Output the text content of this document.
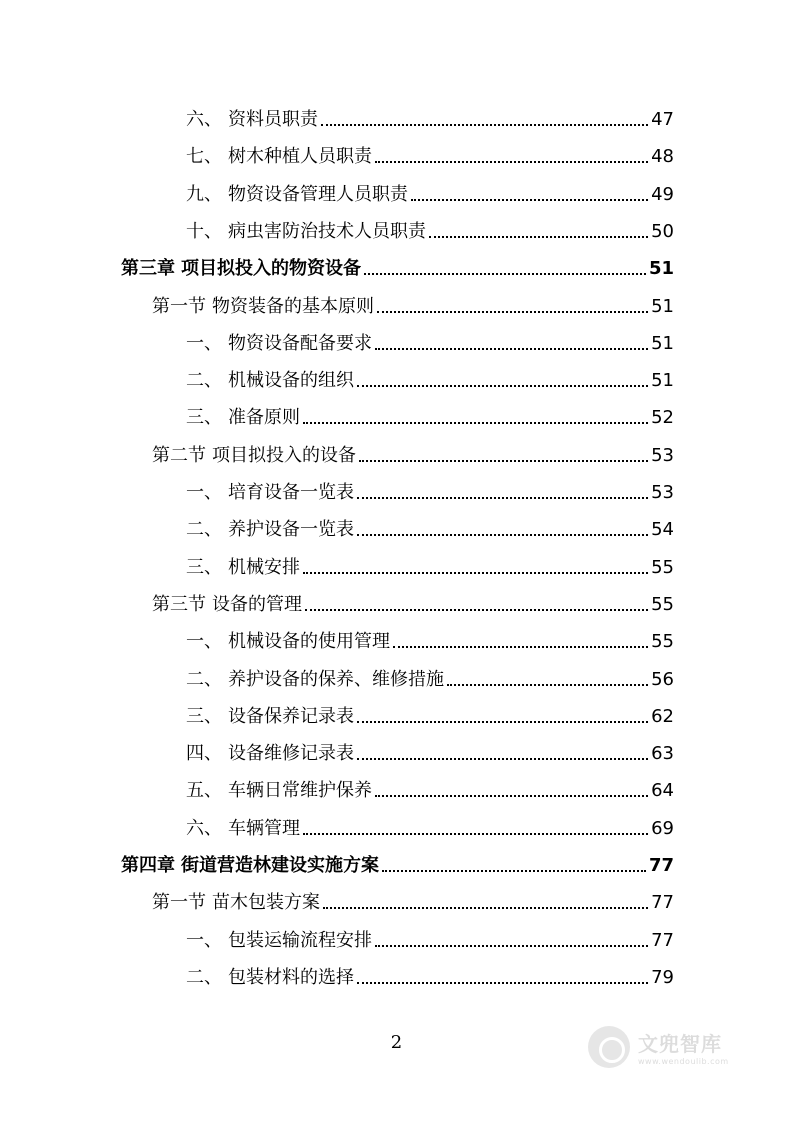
六、 资料员职责	47
七、 树木种植人员职责	48
九、 物资设备管理人员职责	49
十、 病虫害防治技术人员职责	50
第三章 项目拟投入的物资设备	51
第一节 物资装备的基本原则	51
一、 物资设备配备要求	51
二、 机械设备的组织	51
三、 准备原则	52
第二节 项目拟投入的设备	53
一、 培育设备一览表	53
二、 养护设备一览表	54
三、 机械安排	55
第三节 设备的管理	55
一、 机械设备的使用管理	55
二、 养护设备的保养、维修措施	56
三、 设备保养记录表	62
四、 设备维修记录表	63
五、 车辆日常维护保养	64
六、 车辆管理	69
第四章 街道营造林建设实施方案	77
第一节 苗木包装方案	77
一、 包装运输流程安排	77
二、 包装材料的选择	79
2	文兜智库
www.wendoulib.com
